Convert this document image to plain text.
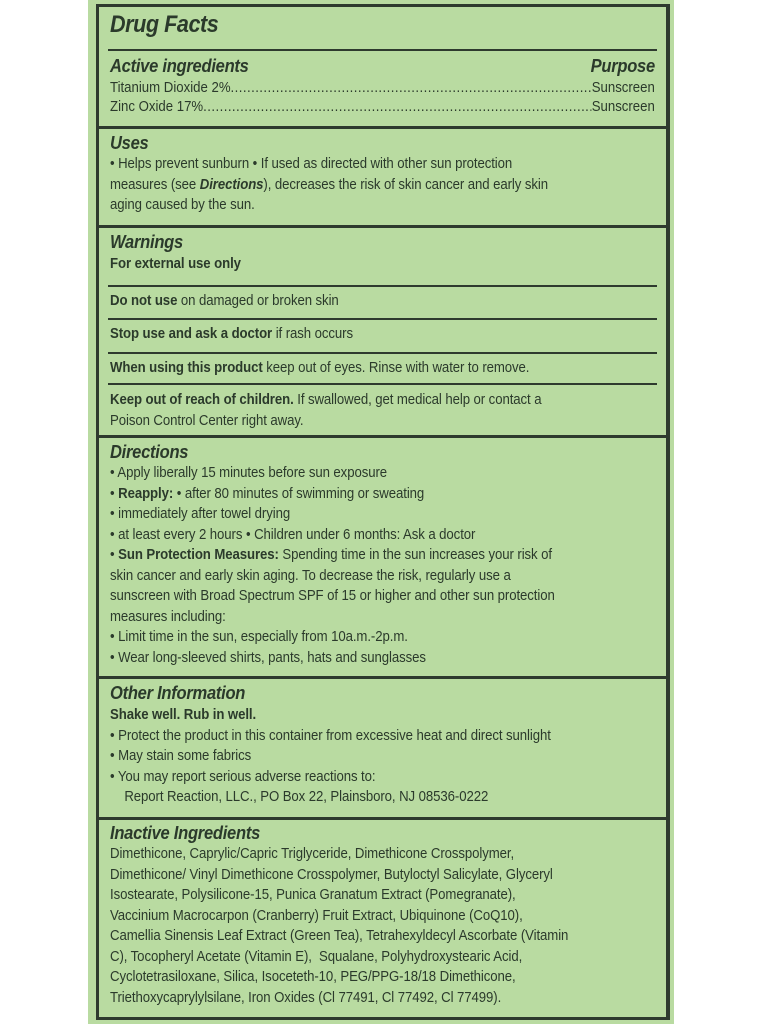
Drug Facts
Active ingredients	Purpose
Titanium Dioxide 2% .....	Sunscreen
Zinc Oxide 17% .....	Sunscreen
Uses
• Helps prevent sunburn • If used as directed with other sun protection
measures (see Directions), decreases the risk of skin cancer and early skin
aging caused by the sun.
Warnings
For external use only
Do not use on damaged or broken skin
Stop use and ask a doctor if rash occurs
When using this product keep out of eyes. Rinse with water to remove.
Keep out of reach of children. If swallowed, get medical help or contact a
Poison Control Center right away.
Directions
• Apply liberally 15 minutes before sun exposure
• Reapply: • after 80 minutes of swimming or sweating
• immediately after towel drying
• at least every 2 hours • Children under 6 months: Ask a doctor
• Sun Protection Measures: Spending time in the sun increases your risk of
skin cancer and early skin aging. To decrease the risk, regularly use a
sunscreen with Broad Spectrum SPF of 15 or higher and other sun protection
measures including:
• Limit time in the sun, especially from 10a.m.-2p.m.
• Wear long-sleeved shirts, pants, hats and sunglasses
Other Information
Shake well. Rub in well.
• Protect the product in this container from excessive heat and direct sunlight
• May stain some fabrics
• You may report serious adverse reactions to:
Report Reaction, LLC., PO Box 22, Plainsboro, NJ 08536-0222
Inactive Ingredients
Dimethicone, Caprylic/Capric Triglyceride, Dimethicone Crosspolymer,
Dimethicone/ Vinyl Dimethicone Crosspolymer, Butyloctyl Salicylate, Glyceryl
Isostearate, Polysilicone-15, Punica Granatum Extract (Pomegranate),
Vaccinium Macrocarpon (Cranberry) Fruit Extract, Ubiquinone (CoQ10),
Camellia Sinensis Leaf Extract (Green Tea), Tetrahexyldecyl Ascorbate (Vitamin
C), Tocopheryl Acetate (Vitamin E),  Squalane, Polyhydroxystearic Acid,
Cyclotetrasiloxane, Silica, Isoceteth-10, PEG/PPG-18/18 Dimethicone,
Triethoxycaprylylsilane, Iron Oxides (Cl 77491, Cl 77492, Cl 77499).
